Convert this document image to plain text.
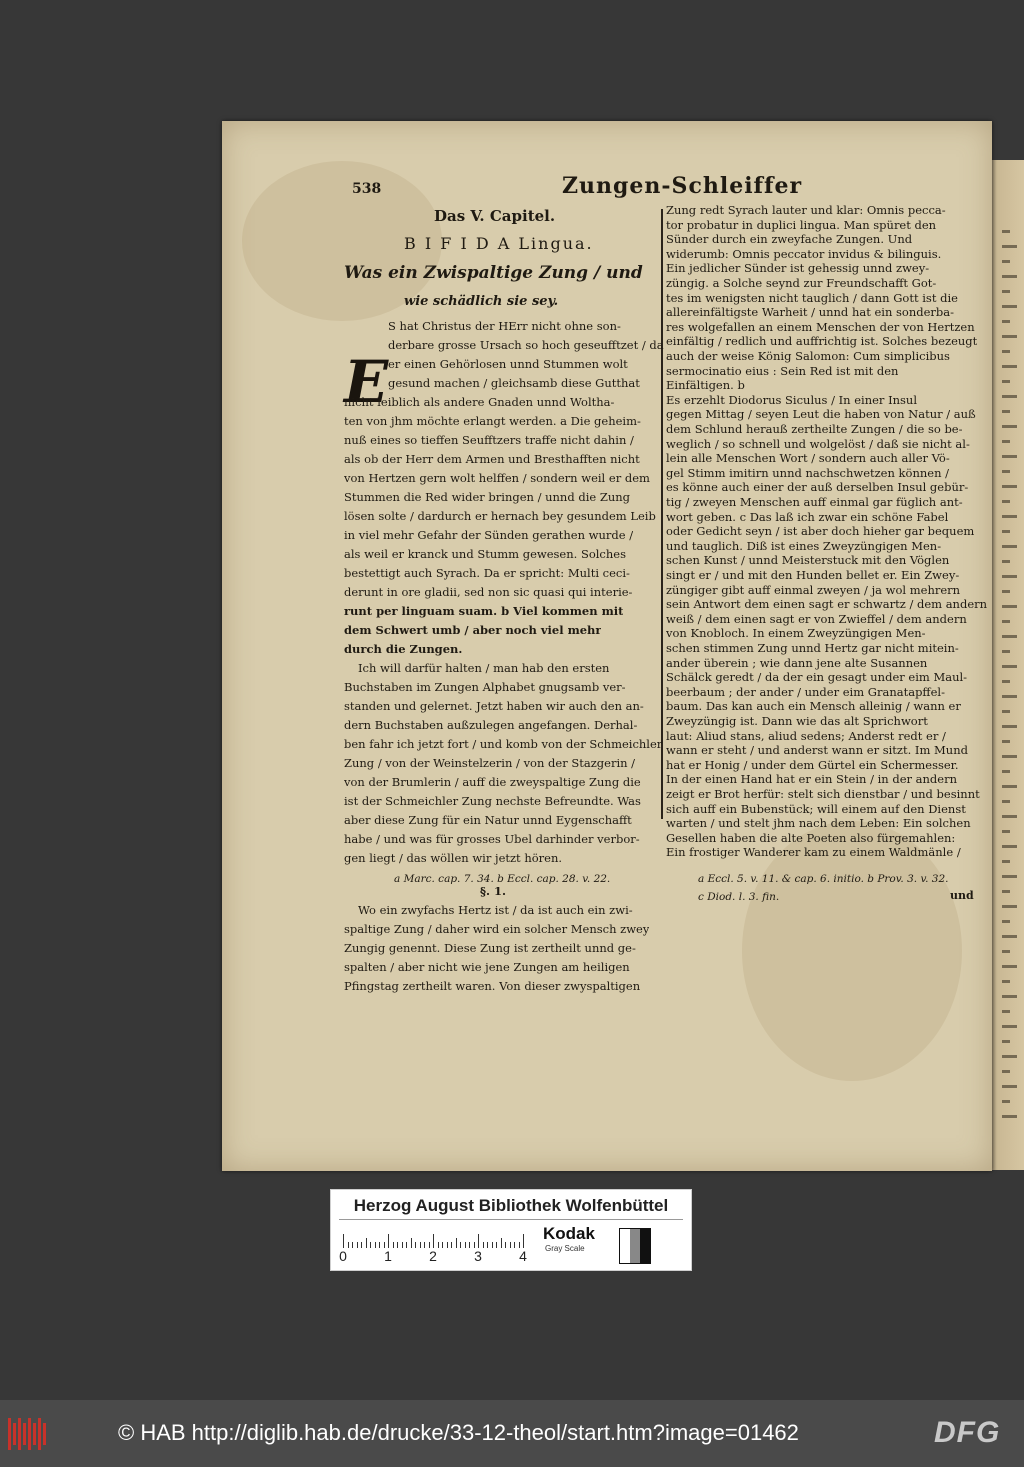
538	Zungen-Schleiffer
E
Das V. Capitel.
B I F I D A Lingua.
Was ein Zwispaltige Zung / und
wie schädlich sie sey.
S hat Christus der HErr nicht ohne son-
derbare grosse Ursach so hoch geseufftzet / da
er einen Gehörlosen unnd Stummen wolt
gesund machen / gleichsamb diese Gutthat
nicht leiblich als andere Gnaden unnd Woltha-
ten von jhm möchte erlangt werden. a Die geheim-
nuß eines so tieffen Seufftzers traffe nicht dahin /
als ob der Herr dem Armen und Bresthafften nicht
von Hertzen gern wolt helffen / sondern weil er dem
Stummen die Red wider bringen / unnd die Zung
lösen solte / dardurch er hernach bey gesundem Leib
in viel mehr Gefahr der Sünden gerathen wurde /
als weil er kranck und Stumm gewesen. Solches
bestettigt auch Syrach. Da er spricht: Multi ceci-
derunt in ore gladii, sed non sic quasi qui interie-
runt per linguam suam. b Viel kommen mit
dem Schwert umb / aber noch viel mehr
durch die Zungen.
Ich will darfür halten / man hab den ersten
Buchstaben im Zungen Alphabet gnugsamb ver-
standen und gelernet. Jetzt haben wir auch den an-
dern Buchstaben außzulegen angefangen. Derhal-
ben fahr ich jetzt fort / und komb von der Schmeichler
Zung / von der Weinstelzerin / von der Stazgerin /
von der Brumlerin / auff die zweyspaltige Zung die
ist der Schmeichler Zung nechste Befreundte. Was
aber diese Zung für ein Natur unnd Eygenschafft
habe / und was für grosses Ubel darhinder verbor-
gen liegt / das wöllen wir jetzt hören.
§. 1.
Wo ein zwyfachs Hertz ist / da ist auch ein zwi-
spaltige Zung / daher wird ein solcher Mensch zwey
Zungig genennt. Diese Zung ist zertheilt unnd ge-
spalten / aber nicht wie jene Zungen am heiligen
Pfingstag zertheilt waren. Von dieser zwyspaltigen
Zung redt Syrach lauter und klar: Omnis pecca-
tor probatur in duplici lingua. Man spüret den
Sünder durch ein zweyfache Zungen. Und
widerumb: Omnis peccator invidus & bilinguis.
Ein jedlicher Sünder ist gehessig unnd zwey-
züngig. a Solche seynd zur Freundschafft Got-
tes im wenigsten nicht tauglich / dann Gott ist die
allereinfältigste Warheit / unnd hat ein sonderba-
res wolgefallen an einem Menschen der von Hertzen
einfältig / redlich und auffrichtig ist. Solches bezeugt
auch der weise König Salomon: Cum simplicibus
sermocinatio eius : Sein Red ist mit den
Einfältigen. b
Es erzehlt Diodorus Siculus / In einer Insul
gegen Mittag / seyen Leut die haben von Natur / auß
dem Schlund herauß zertheilte Zungen / die so be-
weglich / so schnell und wolgelöst / daß sie nicht al-
lein alle Menschen Wort / sondern auch aller Vö-
gel Stimm imitirn unnd nachschwetzen können /
es könne auch einer der auß derselben Insul gebür-
tig / zweyen Menschen auff einmal gar füglich ant-
wort geben. c Das laß ich zwar ein schöne Fabel
oder Gedicht seyn / ist aber doch hieher gar bequem
und tauglich. Diß ist eines Zweyzüngigen Men-
schen Kunst / unnd Meisterstuck mit den Vöglen
singt er / und mit den Hunden bellet er. Ein Zwey-
züngiger gibt auff einmal zweyen / ja wol mehrern
sein Antwort dem einen sagt er schwartz / dem andern
weiß / dem einen sagt er von Zwieffel / dem andern
von Knobloch. In einem Zweyzüngigen Men-
schen stimmen Zung unnd Hertz gar nicht mitein-
ander überein ; wie dann jene alte Susannen
Schälck geredt / da der ein gesagt under eim Maul-
beerbaum ; der ander / under eim Granatapffel-
baum. Das kan auch ein Mensch alleinig / wann er
Zweyzüngig ist. Dann wie das alt Sprichwort
laut: Aliud stans, aliud sedens; Anderst redt er /
wann er steht / und anderst wann er sitzt. Im Mund
hat er Honig / under dem Gürtel ein Schermesser.
In der einen Hand hat er ein Stein / in der andern
zeigt er Brot herfür: stelt sich dienstbar / und besinnt
sich auff ein Bubenstück; will einem auf den Dienst
warten / und stelt jhm nach dem Leben: Ein solchen
Gesellen haben die alte Poeten also fürgemahlen:
Ein frostiger Wanderer kam zu einem Waldmänle /
a Marc. cap. 7. 34. b Eccl. cap. 28. v. 22.	a Eccl. 5. v. 11. & cap. 6. initio. b Prov. 3. v. 32.
c Diod. l. 3. fin.	und
Herzog August Bibliothek Wolfenbüttel
0	1	2	3	4
Kodak
Gray Scale
© HAB http://diglib.hab.de/drucke/33-12-theol/start.htm?image=01462	DFG
